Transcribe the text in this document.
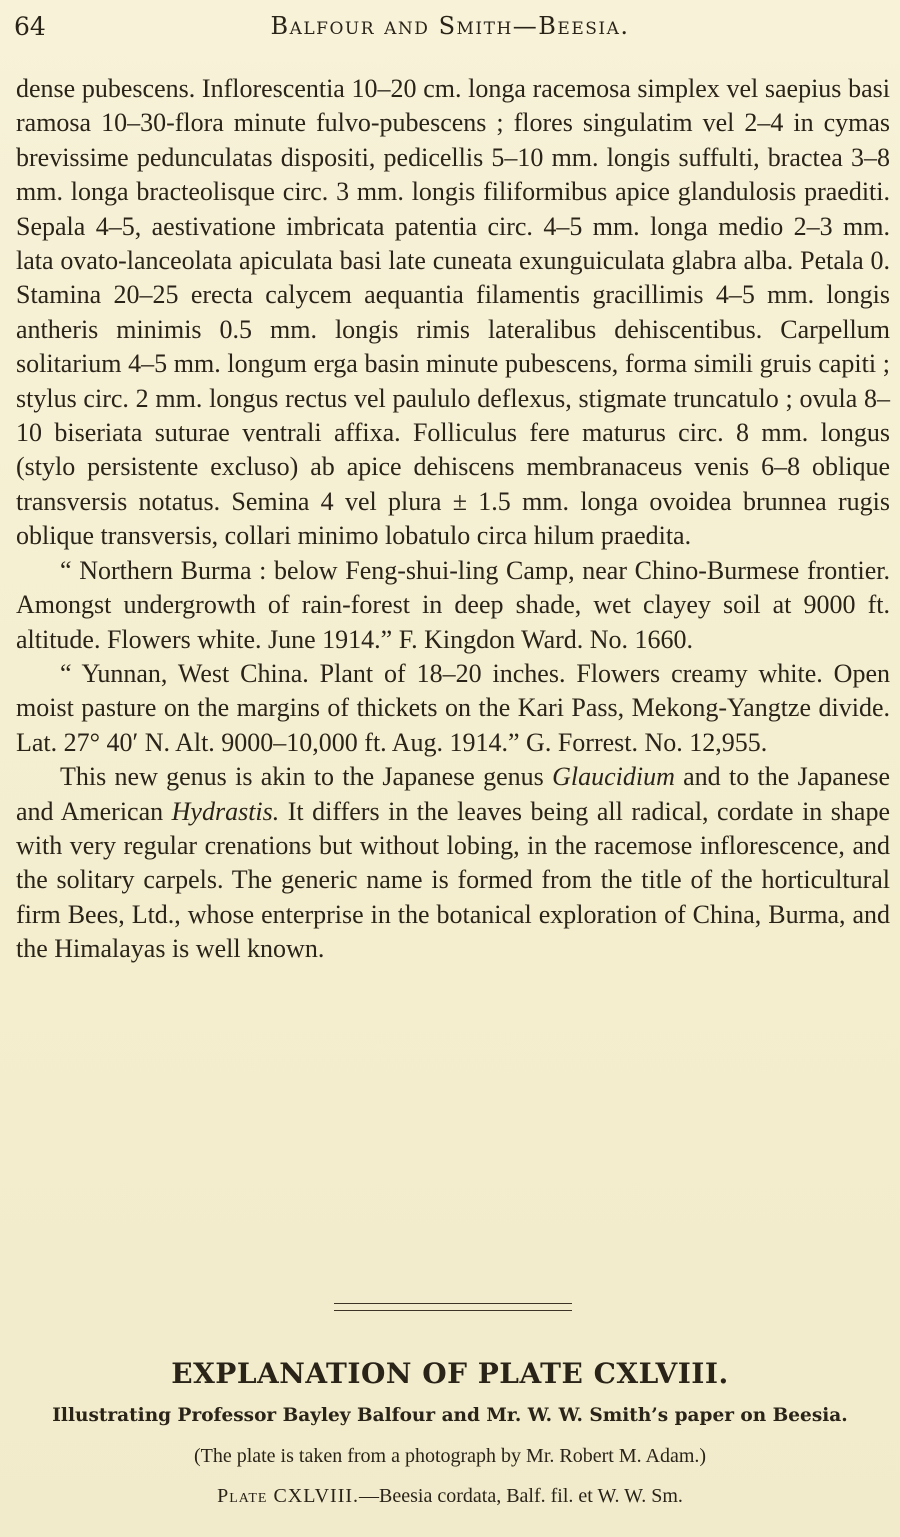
64	Balfour and Smith—Beesia.

dense pubescens. Inflorescentia 10–20 cm. longa racemosa simplex vel saepius basi ramosa 10–30-flora minute fulvo-pubescens ; flores singulatim vel 2–4 in cymas brevissime pedunculatas dispositi, pedicellis 5–10 mm. longis suffulti, bractea 3–8 mm. longa bracteolisque circ. 3 mm. longis filiformibus apice glandulosis praediti. Sepala 4–5, aestivatione imbricata patentia circ. 4–5 mm. longa medio 2–3 mm. lata ovato-lanceolata apiculata basi late cuneata exunguiculata glabra alba. Petala 0. Stamina 20–25 erecta calycem aequantia filamentis gracillimis 4–5 mm. longis antheris minimis 0.5 mm. longis rimis lateralibus dehiscentibus. Carpellum solitarium 4–5 mm. longum erga basin minute pubescens, forma simili gruis capiti ; stylus circ. 2 mm. longus rectus vel paululo deflexus, stigmate truncatulo ; ovula 8–10 biseriata suturae ventrali affixa. Folliculus fere maturus circ. 8 mm. longus (stylo persistente excluso) ab apice dehiscens membranaceus venis 6–8 oblique transversis notatus. Semina 4 vel plura ± 1.5 mm. longa ovoidea brunnea rugis oblique transversis, collari minimo lobatulo circa hilum praedita.

“ Northern Burma : below Feng-shui-ling Camp, near Chino-Burmese frontier. Amongst undergrowth of rain-forest in deep shade, wet clayey soil at 9000 ft. altitude. Flowers white. June 1914.” F. Kingdon Ward. No. 1660.

“ Yunnan, West China. Plant of 18–20 inches. Flowers creamy white. Open moist pasture on the margins of thickets on the Kari Pass, Mekong-Yangtze divide. Lat. 27° 40′ N. Alt. 9000–10,000 ft. Aug. 1914.” G. Forrest. No. 12,955.

This new genus is akin to the Japanese genus Glaucidium and to the Japanese and American Hydrastis. It differs in the leaves being all radical, cordate in shape with very regular crenations but without lobing, in the racemose inflorescence, and the solitary carpels. The generic name is formed from the title of the horticultural firm Bees, Ltd., whose enterprise in the botanical exploration of China, Burma, and the Himalayas is well known.

EXPLANATION OF PLATE CXLVIII.

Illustrating Professor Bayley Balfour and Mr. W. W. Smith’s paper on Beesia.

(The plate is taken from a photograph by Mr. Robert M. Adam.)

Plate CXLVIII.—Beesia cordata, Balf. fil. et W. W. Sm.
